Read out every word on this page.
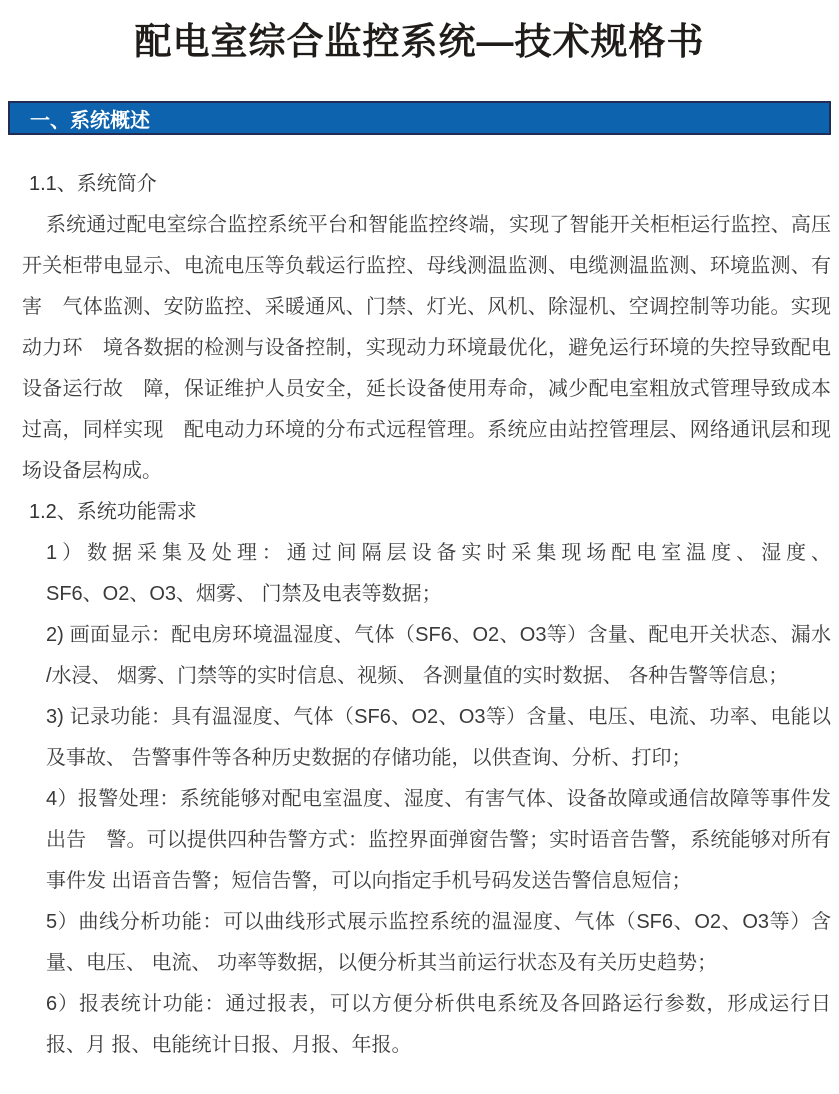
配电室综合监控系统—技术规格书
一、系统概述
1.1、系统简介
系统通过配电室综合监控系统平台和智能监控终端，实现了智能开关柜柜运行监控、高压
开关柜带电显示、电流电压等负载运行监控、母线测温监测、电缆测温监测、环境监测、有
害　气体监测、安防监控、采暖通风、门禁、灯光、风机、除湿机、空调控制等功能。实现
动力环　境各数据的检测与设备控制，实现动力环境最优化，避免运行环境的失控导致配电
设备运行故　障，保证维护人员安全，延长设备使用寿命，减少配电室粗放式管理导致成本
过高，同样实现　配电动力环境的分布式远程管理。系统应由站控管理层、网络通讯层和现
场设备层构成。
1.2、系统功能需求
1）数据采集及处理：通过间隔层设备实时采集现场配电室温度、湿度、
SF6、O2、O3、烟雾、 门禁及电表等数据；
2) 画面显示：配电房环境温湿度、气体（SF6、O2、O3等）含量、配电开关状态、漏水
/水浸、 烟雾、门禁等的实时信息、视频、 各测量值的实时数据、 各种告警等信息；
3) 记录功能：具有温湿度、气体（SF6、O2、O3等）含量、电压、电流、功率、电能以
及事故、 告警事件等各种历史数据的存储功能，以供查询、分析、打印；
4）报警处理：系统能够对配电室温度、湿度、有害气体、设备故障或通信故障等事件发
出告　警。可以提供四种告警方式：监控界面弹窗告警；实时语音告警，系统能够对所有
事件发 出语音告警；短信告警，可以向指定手机号码发送告警信息短信；
5）曲线分析功能：可以曲线形式展示监控系统的温湿度、气体（SF6、O2、O3等）含
量、电压、 电流、 功率等数据，以便分析其当前运行状态及有关历史趋势；
6）报表统计功能：通过报表，可以方便分析供电系统及各回路运行参数，形成运行日
报、月 报、电能统计日报、月报、年报。
